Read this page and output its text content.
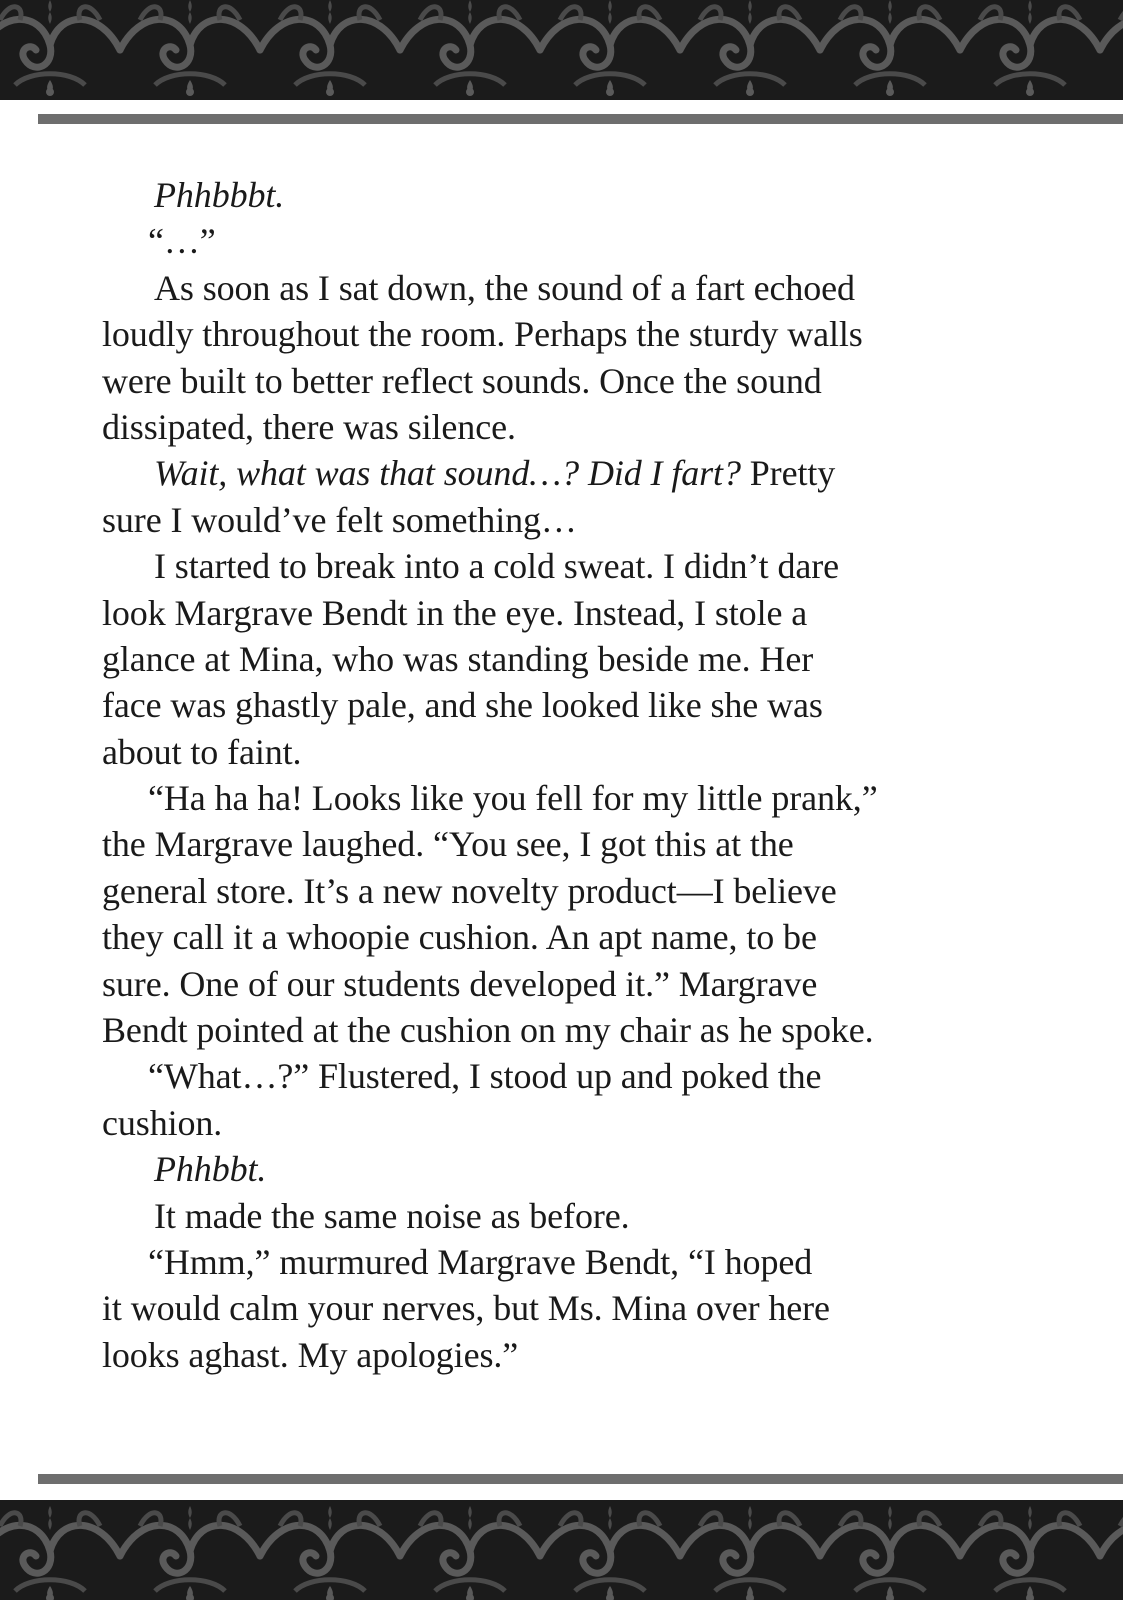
Phhbbbt.
“…”
As soon as I sat down, the sound of a fart echoed
loudly throughout the room. Perhaps the sturdy walls
were built to better reflect sounds. Once the sound
dissipated, there was silence.
Wait, what was that sound…? Did I fart? Pretty
sure I would’ve felt something…
I started to break into a cold sweat. I didn’t dare
look Margrave Bendt in the eye. Instead, I stole a
glance at Mina, who was standing beside me. Her
face was ghastly pale, and she looked like she was
about to faint.
“Ha ha ha! Looks like you fell for my little prank,”
the Margrave laughed. “You see, I got this at the
general store. It’s a new novelty product—I believe
they call it a whoopie cushion. An apt name, to be
sure. One of our students developed it.” Margrave
Bendt pointed at the cushion on my chair as he spoke.
“What…?” Flustered, I stood up and poked the
cushion.
Phhbbt.
It made the same noise as before.
“Hmm,” murmured Margrave Bendt, “I hoped
it would calm your nerves, but Ms. Mina over here
looks aghast. My apologies.”
